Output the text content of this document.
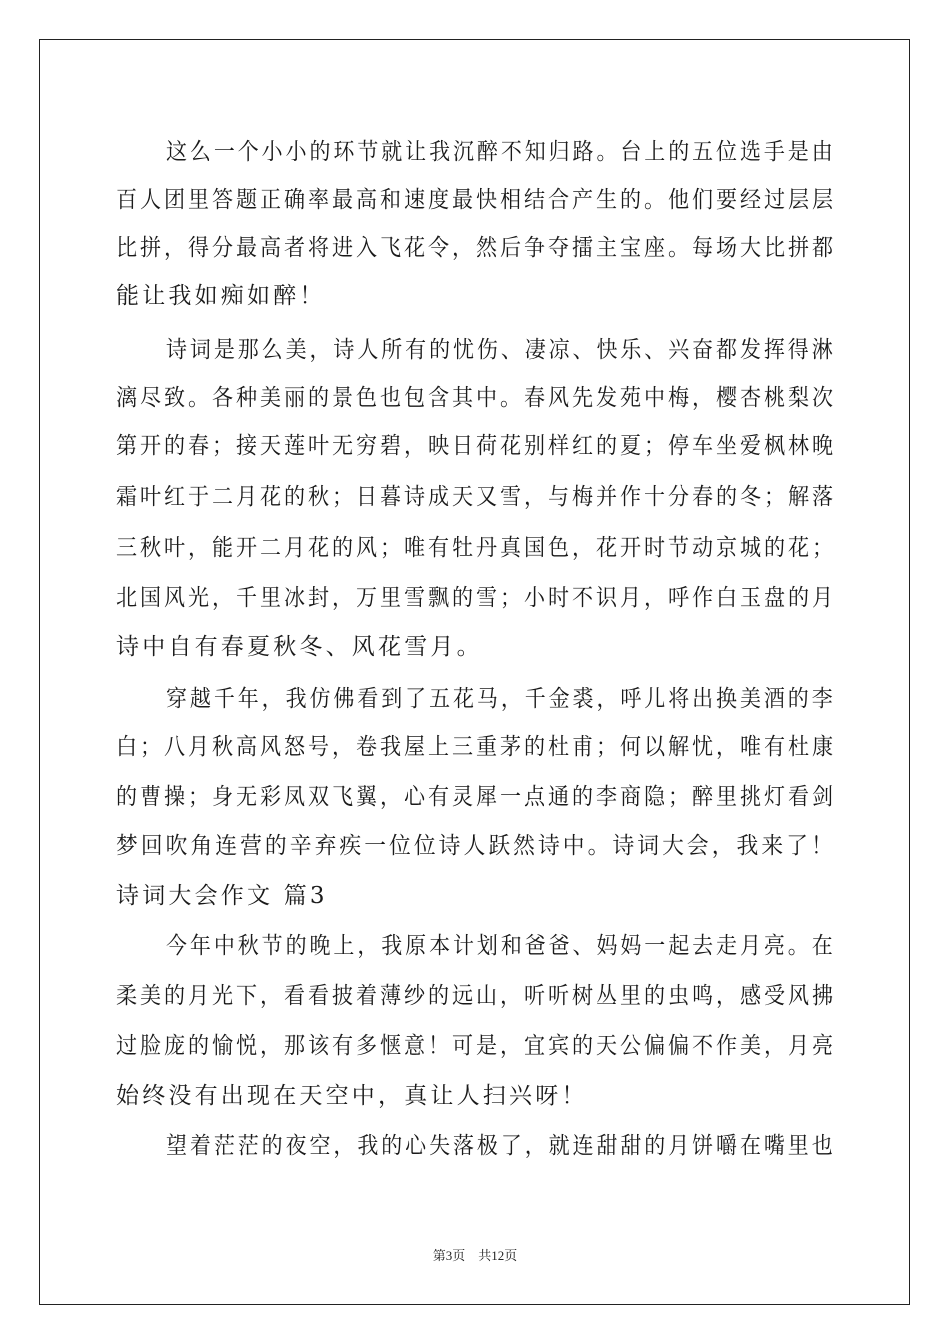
这么一个小小的环节就让我沉醉不知归路。台上的五位选手是由
百人团里答题正确率最高和速度最快相结合产生的。他们要经过层层
比拼，得分最高者将进入飞花令，然后争夺擂主宝座。每场大比拼都
能让我如痴如醉！
诗词是那么美，诗人所有的忧伤、凄凉、快乐、兴奋都发挥得淋
漓尽致。各种美丽的景色也包含其中。春风先发苑中梅，樱杏桃梨次
第开的春；接天莲叶无穷碧，映日荷花别样红的夏；停车坐爱枫林晚
霜叶红于二月花的秋；日暮诗成天又雪，与梅并作十分春的冬；解落
三秋叶，能开二月花的风；唯有牡丹真国色，花开时节动京城的花；
北国风光，千里冰封，万里雪飘的雪；小时不识月，呼作白玉盘的月
诗中自有春夏秋冬、风花雪月。
穿越千年，我仿佛看到了五花马，千金裘，呼儿将出换美酒的李
白；八月秋高风怒号，卷我屋上三重茅的杜甫；何以解忧，唯有杜康
的曹操；身无彩凤双飞翼，心有灵犀一点通的李商隐；醉里挑灯看剑
梦回吹角连营的辛弃疾一位位诗人跃然诗中。诗词大会，我来了！
诗词大会作文 篇3
今年中秋节的晚上，我原本计划和爸爸、妈妈一起去走月亮。在
柔美的月光下，看看披着薄纱的远山，听听树丛里的虫鸣，感受风拂
过脸庞的愉悦，那该有多惬意！可是，宜宾的天公偏偏不作美，月亮
始终没有出现在天空中，真让人扫兴呀！
望着茫茫的夜空，我的心失落极了，就连甜甜的月饼嚼在嘴里也
第3页　共12页
